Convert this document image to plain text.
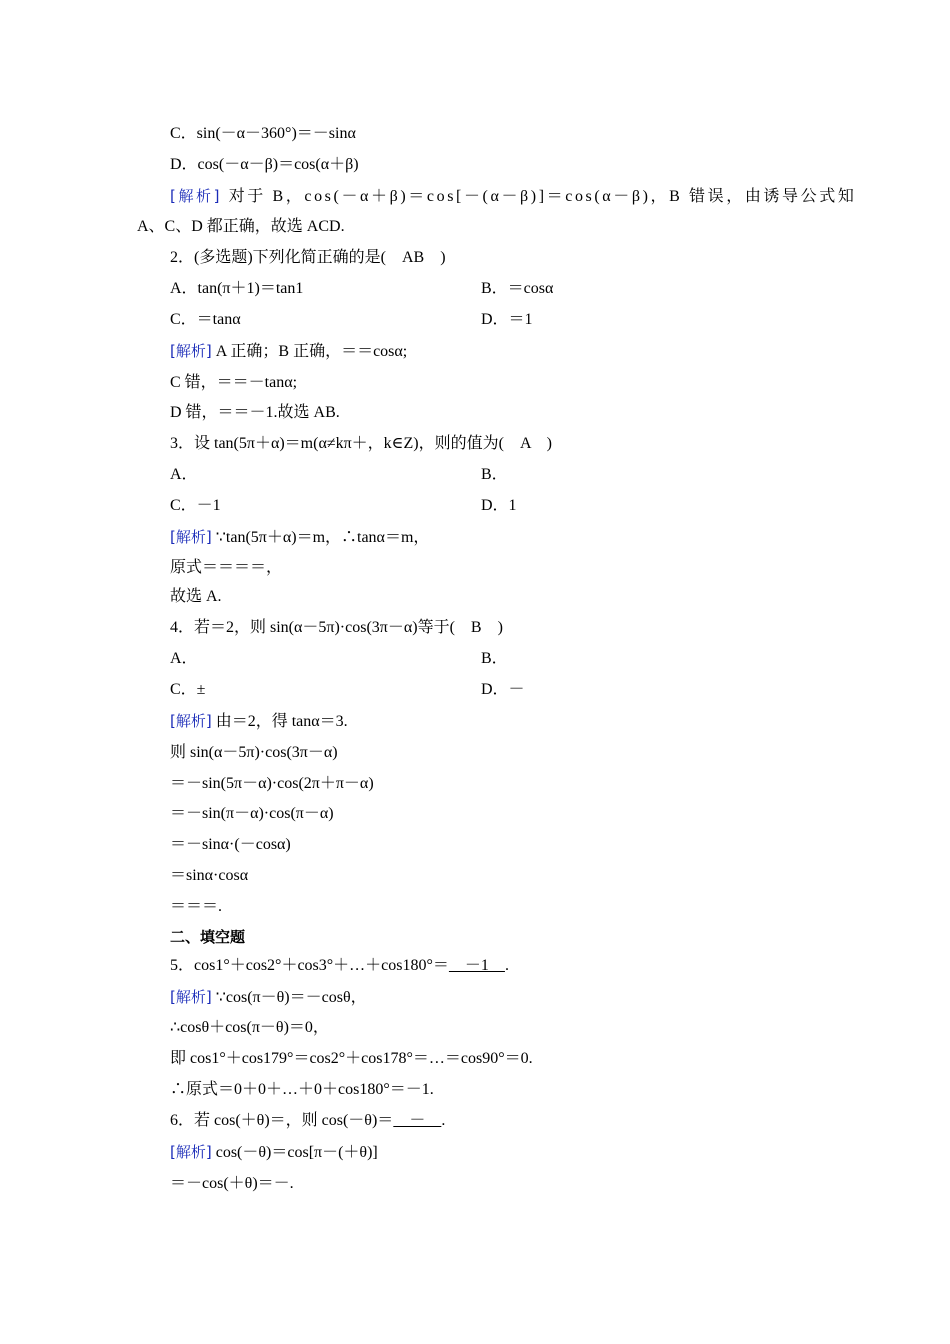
C．sin(－α－360°)＝－sinα
D．cos(－α－β)＝cos(α＋β)
[解析] 对于 B，cos(－α＋β)＝cos[－(α－β)]＝cos(α－β)，B 错误，由诱导公式知
A、C、D 都正确，故选 ACD.
2．(多选题)下列化简正确的是(　AB　)
A．tan(π＋1)＝tan1	B．＝cosα
C．＝tanα	D．＝1
[解析] A 正确；B 正确，＝＝cosα;
C 错，＝＝－tanα;
D 错，＝＝－1.故选 AB.
3．设 tan(5π＋α)＝m(α≠kπ＋，k∈Z)，则的值为(　A　)
A．	B．
C．－1	D．1
[解析] ∵tan(5π＋α)＝m，∴tanα＝m，
原式＝＝＝＝，
故选 A.
4．若＝2，则 sin(α－5π)·cos(3π－α)等于(　B　)
A．	B．
C．±	D．－
[解析] 由＝2，得 tanα＝3.
则 sin(α－5π)·cos(3π－α)
＝－sin(5π－α)·cos(2π＋π－α)
＝－sin(π－α)·cos(π－α)
＝－sinα·(－cosα)
＝sinα·cosα
＝＝＝.
二、填空题
5．cos1°＋cos2°＋cos3°＋…＋cos180°＝　－1　.
[解析] ∵cos(π－θ)＝－cosθ，
∴cosθ＋cos(π－θ)＝0，
即 cos1°＋cos179°＝cos2°＋cos178°＝…＝cos90°＝0.
∴原式＝0＋0＋…＋0＋cos180°＝－1.
6．若 cos(＋θ)＝，则 cos(－θ)＝　－　.
[解析] cos(－θ)＝cos[π－(＋θ)]
＝－cos(＋θ)＝－.
